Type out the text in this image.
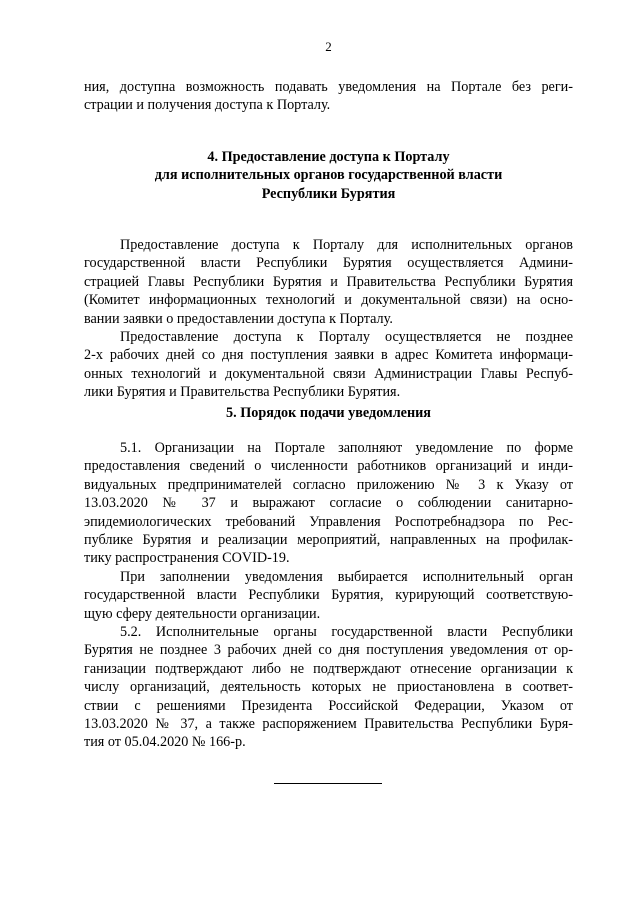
2
ния, доступна возможность подавать уведомления на Портале без реги-
страции и получения доступа к Порталу.
4. Предоставление доступа к Порталу
для исполнительных органов государственной власти
Республики Бурятия
Предоставление доступа к Порталу для исполнительных органов
государственной власти Республики Бурятия осуществляется Админи-
страцией Главы Республики Бурятия и Правительства Республики Бурятия
(Комитет информационных технологий и документальной связи) на осно-
вании заявки о предоставлении доступа к Порталу.
Предоставление доступа к Порталу осуществляется не позднее
2-х рабочих дней со дня поступления заявки в адрес Комитета информаци-
онных технологий и документальной связи Администрации Главы Респуб-
лики Бурятия и Правительства Республики Бурятия.
5. Порядок подачи уведомления
5.1. Организации на Портале заполняют уведомление по форме
предоставления сведений о численности работников организаций и инди-
видуальных предпринимателей согласно приложению № 3 к Указу от
13.03.2020 № 37 и выражают согласие о соблюдении санитарно-
эпидемиологических требований Управления Роспотребнадзора по Рес-
публике Бурятия и реализации мероприятий, направленных на профилак-
тику распространения COVID-19.
При заполнении уведомления выбирается исполнительный орган
государственной власти Республики Бурятия, курирующий соответствую-
щую сферу деятельности организации.
5.2. Исполнительные органы государственной власти Республики
Бурятия не позднее 3 рабочих дней со дня поступления уведомления от ор-
ганизации подтверждают либо не подтверждают отнесение организации к
числу организаций, деятельность которых не приостановлена в соответ-
ствии с решениями Президента Российской Федерации, Указом от
13.03.2020 № 37, а также распоряжением Правительства Республики Буря-
тия от 05.04.2020 № 166-р.
